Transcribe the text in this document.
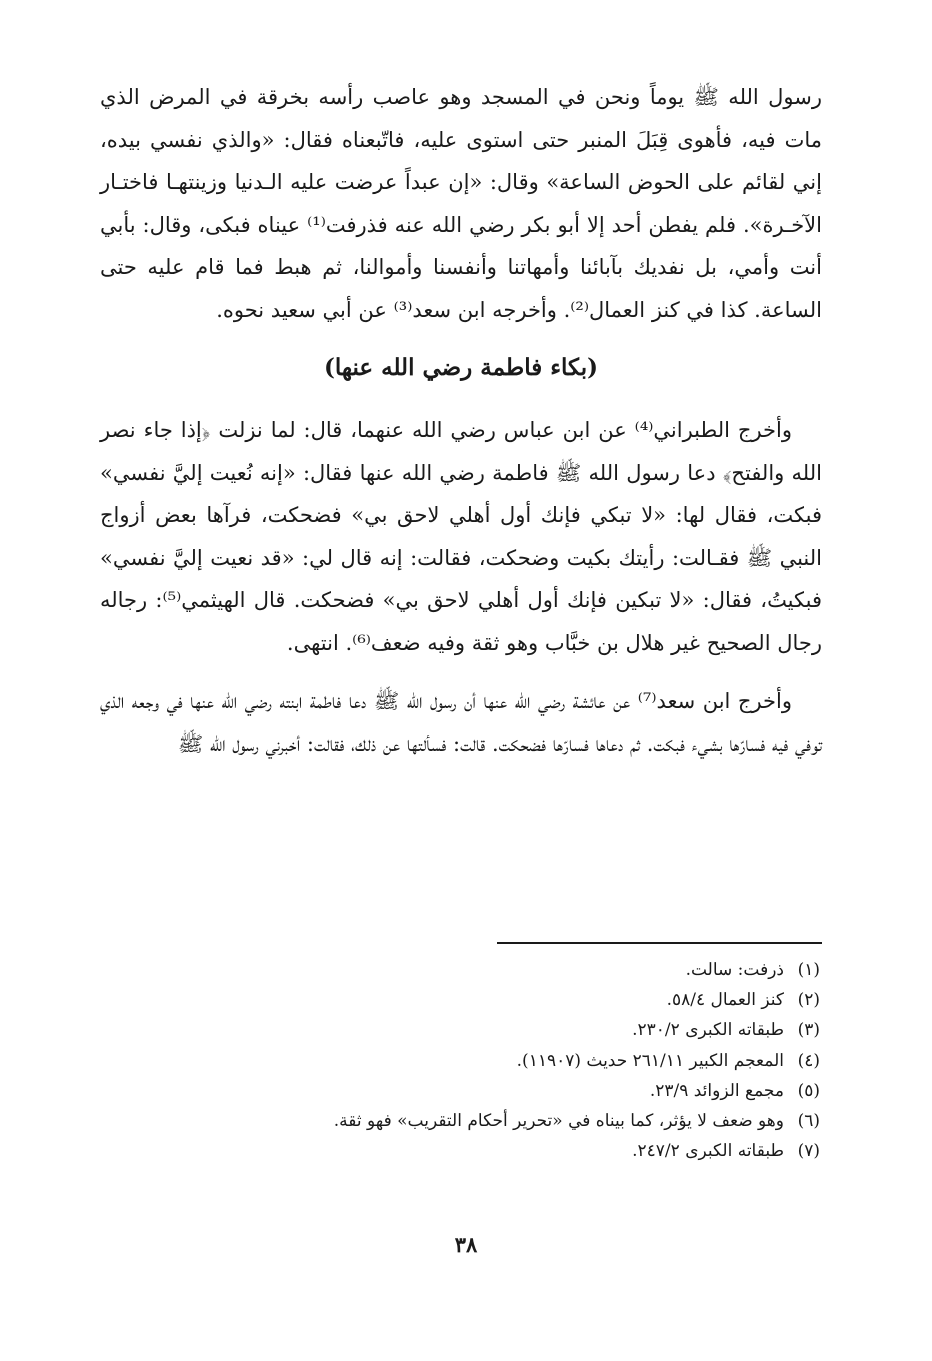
رسول الله ﷺ يوماً ونحن في المسجد وهو عاصب رأسه بخرقة في المرض الذي مات فيه، فأهوى قِبَلَ المنبر حتى استوى عليه، فاتّبعناه فقال: «والذي نفسي بيده، إني لقائم على الحوض الساعة» وقال: «إن عبداً عرضت عليه الـدنيا وزينتهـا فاختـار الآخـرة». فلم يفطن أحد إلا أبو بكر رضي الله عنه فذرفت⁽¹⁾ عيناه فبكى، وقال: بأبي أنت وأمي، بل نفديك بآبائنا وأمهاتنا وأنفسنا وأموالنا، ثم هبط فما قام عليه حتى الساعة. كذا في كنز العمال⁽²⁾. وأخرجه ابن سعد⁽³⁾ عن أبي سعيد نحوه.

(بكاء فاطمة رضي الله عنها)

وأخرج الطبراني⁽⁴⁾ عن ابن عباس رضي الله عنهما، قال: لما نزلت ﴿إذا جاء نصر الله والفتح﴾ دعا رسول الله ﷺ فاطمة رضي الله عنها فقال: «إنه نُعيت إليَّ نفسي» فبكت، فقال لها: «لا تبكي فإنك أول أهلي لاحق بي» فضحكت، فرآها بعض أزواج النبي ﷺ فقـالت: رأيتك بكيت وضحكت، فقالت: إنه قال لي: «قد نعيت إليَّ نفسي» فبكيتُ، فقال: «لا تبكين فإنك أول أهلي لاحق بي» فضحكت. قال الهيثمي⁽⁵⁾: رجاله رجال الصحيح غير هلال بن خبَّاب وهو ثقة وفيه ضعف⁽⁶⁾. انتهى.

وأخرج ابن سعد⁽⁷⁾ عن عائشة رضي الله عنها أن رسول الله ﷺ دعا فاطمة ابنته رضي الله عنها في وجعه الذي توفي فيه فسارّها بشيء فبكت. ثم دعاها فسارّها فضحكت. قالت: فسألتها عن ذلك، فقالت: أخبرني رسول الله ﷺ

(١)
ذرفت: سالت.
(٢)
كنز العمال ٥٨/٤.
(٣)
طبقاته الكبرى ٢٣٠/٢.
(٤)
المعجم الكبير ٢٦١/١١ حديث (١١٩٠٧).
(٥)
مجمع الزوائد ٢٣/٩.
(٦)
وهو ضعف لا يؤثر، كما بيناه في «تحرير أحكام التقريب» فهو ثقة.
(٧)
طبقاته الكبرى ٢٤٧/٢.
٣٨
